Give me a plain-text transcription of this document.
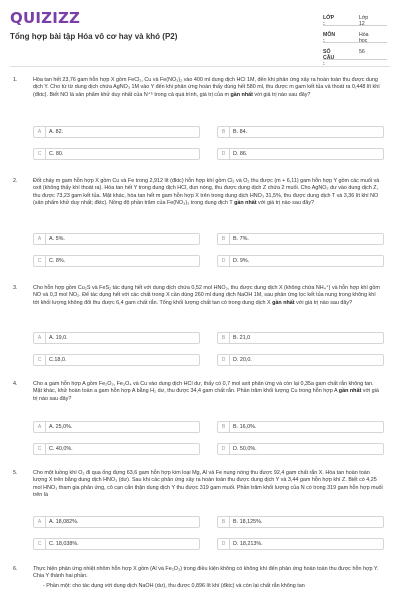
QUIZIZZ
Tổng hợp bài tập Hóa vô cơ hay và khó (P2)
LỚP :
Lớp 12
MÔN :
Hóa học
SỐ CÂU :
56
1.	Hòa tan hết 23,76 gam hỗn hợp X gồm FeCl₂, Cu và Fe(NO₃)₂ vào 400 ml dung dịch HCl 1M, đến khi phản ứng xảy ra hoàn toàn thu được dung dịch Y. Cho từ từ dung dịch chứa AgNO₃ 1M vào Y đến khi phản ứng hoàn thấy dùng hết 580 ml, thu được m gam kết tủa và thoát ra 0,448 lít khí (đktc). Biết NO là sản phẩm khử duy nhất của N⁺⁵ trong cả quá trình, giá trị của m gần nhất với giá trị nào sau đây?
A	A. 82.	B	B. 84.
C	C. 80.	D	D. 86.
2.	Đốt cháy m gam hỗn hợp X gồm Cu và Fe trong 2,912 lít (đktc) hỗn hợp khí gồm Cl₂ và O₂ thu được (m + 6,11) gam hỗn hợp Y gồm các muối và oxit (không thấy khí thoát ra). Hòa tan hết Y trong dung dịch HCl, đun nóng, thu được dung dịch Z chứa 2 muối. Cho AgNO₃ dư vào dung dịch Z, thu được 73,23 gam kết tủa. Mặt khác, hòa tan hết m gam hỗn hợp X trên trong dung dịch HNO₃ 31,5%, thu được dung dịch T và 3,36 lít khí NO (sản phẩm khử duy nhất; đktc). Nồng độ phần trăm của Fe(NO₃)₃ trong dung dịch T gần nhất với giá trị nào sau đây?
A	A. 5%.	B	B. 7%.
C	C. 8%.	D	D. 9%.
3.	Cho hỗn hợp gồm Cu₂S và FeS₂ tác dụng hết với dung dịch chứa 0,52 mol HNO₃, thu được dung dịch X (không chứa NH₄⁺) và hỗn hợp khí gồm NO và 0,3 mol NO₂. Để tác dụng hết với các chất trong X cần dùng 260 ml dung dịch NaOH 1M, sau phản ứng lọc kết tủa nung trong không khí tới khối lượng không đổi thu được 6,4 gam chất rắn. Tổng khối lượng chất tan có trong dung dịch X gần nhất với giá trị nào sau đây?
A	A. 19,0.	B	B. 21,0
C	C.18,0.	D	D. 20,0.
4.	Cho a gam hỗn hợp A gồm Fe₂O₃, Fe₃O₄ và Cu vào dung dịch HCl dư, thấy có 0,7 mol axit phản ứng và còn lại 0,35a gam chất rắn không tan. Mặt khác, khử hoàn toàn a gam hỗn hợp A bằng H₂ dư, thu được 34,4 gam chất rắn. Phần trăm khối lượng Cu trong hỗn hợp A gần nhất với giá trị nào sau đây?
A	A. 25,0%.	B	B. 16,0%.
C	C. 40,0%.	D	D. 50,0%.
5.	Cho một luồng khí O₂ đi qua ống đựng 63,6 gam hỗn hợp kim loại Mg, Al và Fe nung nóng thu được 92,4 gam chất rắn X. Hòa tan hoàn toàn lượng X trên bằng dung dịch HNO₃ (dư). Sau khi các phản ứng xảy ra hoàn toàn thu được dung dịch Y và 3,44 gam hỗn hợp khí Z. Biết có 4,25 mol HNO₃ tham gia phản ứng, cô cạn cẩn thận dung dịch Y thu được 319 gam muối. Phần trăm khối lượng của N có trong 319 gam hỗn hợp muối trên là
A	A. 18,082%.	B	B. 18,125%.
C	C. 18,038%.	D	D. 18,213%.
6.	Thực hiện phản ứng nhiệt nhôm hỗn hợp X gồm (Al và Fe₂O₃) trong điều kiện không có không khí đến phản ứng hoàn toàn thu được hỗn hợp Y. Chia Y thành hai phần.
- Phần một: cho tác dụng với dung dịch NaOH (dư), thu được 0,896 lít khí (đktc) và còn lại chất rắn không tan
